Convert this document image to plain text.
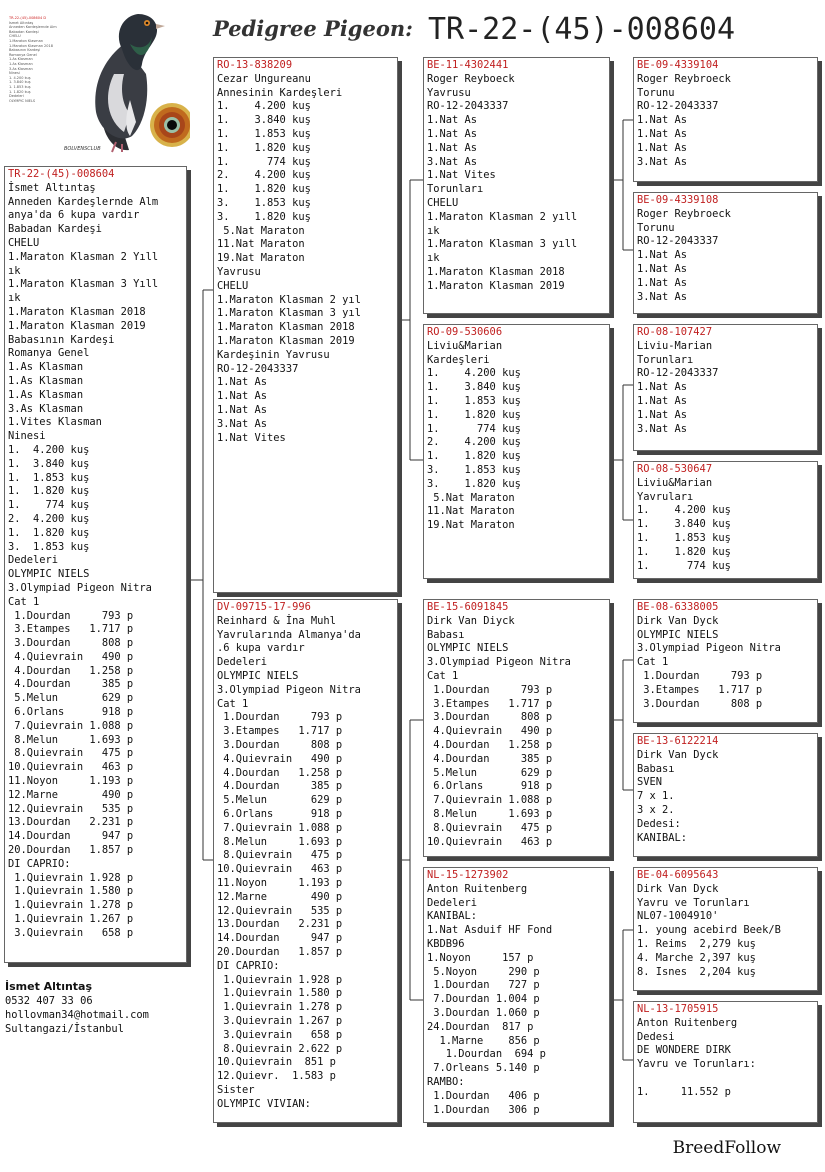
Pedigree Pigeon: TR-22-(45)-008604
TR-22-(45)-008604 D
İsmet Altıntaş
Anneden Kardeşlernde Alm
Babadan Kardeşi
CHELU
1.Maraton Klasman
1.Maraton Klasman 2018
Babasının Kardeşi
Romanya Genel
1.As Klasman
1.As Klasman
3.As Klasman
Ninesi
1. 4.200 kuş
1. 3.840 kuş
1. 1.853 kuş
1. 1.820 kuş
Dedeleri
OLYMPIC NIELS
BOLVENSCLUB
TR-22-(45)-008604
İsmet Altıntaş
Anneden Kardeşlernde Alm
anya'da 6 kupa vardır
Babadan Kardeşi
CHELU
1.Maraton Klasman 2 Yıll
ık
1.Maraton Klasman 3 Yıll
ık
1.Maraton Klasman 2018
1.Maraton Klasman 2019
Babasının Kardeşi
Romanya Genel
1.As Klasman
1.As Klasman
1.As Klasman
3.As Klasman
1.Vites Klasman
Ninesi
1.  4.200 kuş
1.  3.840 kuş
1.  1.853 kuş
1.  1.820 kuş
1.    774 kuş
2.  4.200 kuş
1.  1.820 kuş
3.  1.853 kuş
Dedeleri
OLYMPIC NIELS
3.Olympiad Pigeon Nitra
Cat 1
1.Dourdan     793 p
3.Etampes   1.717 p
3.Dourdan     808 p
4.Quievrain   490 p
4.Dourdan   1.258 p
4.Dourdan     385 p
5.Melun       629 p
6.Orlans      918 p
7.Quievrain 1.088 p
8.Melun     1.693 p
8.Quievrain   475 p
10.Quievrain   463 p
11.Noyon     1.193 p
12.Marne       490 p
12.Quievrain   535 p
13.Dourdan   2.231 p
14.Dourdan     947 p
20.Dourdan   1.857 p
DI CAPRIO:
1.Quievrain 1.928 p
1.Quievrain 1.580 p
1.Quievrain 1.278 p
1.Quievrain 1.267 p
3.Quievrain   658 p
RO-13-838209
Cezar Ungureanu
Annesinin Kardeşleri
1.    4.200 kuş
1.    3.840 kuş
1.    1.853 kuş
1.    1.820 kuş
1.      774 kuş
2.    4.200 kuş
1.    1.820 kuş
3.    1.853 kuş
3.    1.820 kuş
5.Nat Maraton
11.Nat Maraton
19.Nat Maraton
Yavrusu
CHELU
1.Maraton Klasman 2 yıl
1.Maraton Klasman 3 yıl
1.Maraton Klasman 2018
1.Maraton Klasman 2019
Kardeşinin Yavrusu
RO-12-2043337
1.Nat As
1.Nat As
1.Nat As
3.Nat As
1.Nat Vites
DV-09715-17-996
Reinhard & İna Muhl
Yavrularında Almanya'da
.6 kupa vardır
Dedeleri
OLYMPIC NIELS
3.Olympiad Pigeon Nitra
Cat 1
1.Dourdan     793 p
3.Etampes   1.717 p
3.Dourdan     808 p
4.Quievrain   490 p
4.Dourdan   1.258 p
4.Dourdan     385 p
5.Melun       629 p
6.Orlans      918 p
7.Quievrain 1.088 p
8.Melun     1.693 p
8.Quievrain   475 p
10.Quievrain   463 p
11.Noyon     1.193 p
12.Marne       490 p
12.Quievrain   535 p
13.Dourdan   2.231 p
14.Dourdan     947 p
20.Dourdan   1.857 p
DI CAPRIO:
1.Quievrain 1.928 p
1.Quievrain 1.580 p
1.Quievrain 1.278 p
3.Quievrain 1.267 p
3.Quievrain   658 p
8.Quievrain 2.622 p
10.Quievrain  851 p
12.Quievr.  1.583 p
Sister
OLYMPIC VIVIAN:
BE-11-4302441
Roger Reyboeck
Yavrusu
RO-12-2043337
1.Nat As
1.Nat As
1.Nat As
3.Nat As
1.Nat Vites
Torunları
CHELU
1.Maraton Klasman 2 yıll
ık
1.Maraton Klasman 3 yıll
ık
1.Maraton Klasman 2018
1.Maraton Klasman 2019
RO-09-530606
Liviu&Marian
Kardeşleri
1.    4.200 kuş
1.    3.840 kuş
1.    1.853 kuş
1.    1.820 kuş
1.      774 kuş
2.    4.200 kuş
1.    1.820 kuş
3.    1.853 kuş
3.    1.820 kuş
5.Nat Maraton
11.Nat Maraton
19.Nat Maraton
BE-15-6091845
Dirk Van Diyck
Babası
OLYMPIC NIELS
3.Olympiad Pigeon Nitra
Cat 1
1.Dourdan     793 p
3.Etampes   1.717 p
3.Dourdan     808 p
4.Quievrain   490 p
4.Dourdan   1.258 p
4.Dourdan     385 p
5.Melun       629 p
6.Orlans      918 p
7.Quievrain 1.088 p
8.Melun     1.693 p
8.Quievrain   475 p
10.Quievrain   463 p
NL-15-1273902
Anton Ruitenberg
Dedeleri
KANIBAL:
1.Nat Asduif HF Fond
KBDB96
1.Noyon     157 p
5.Noyon     290 p
1.Dourdan   727 p
7.Dourdan 1.004 p
3.Dourdan 1.060 p
24.Dourdan  817 p
1.Marne    856 p
1.Dourdan  694 p
7.Orleans 5.140 p
RAMBO:
1.Dourdan   406 p
1.Dourdan   306 p
BE-09-4339104
Roger Reybroeck
Torunu
RO-12-2043337
1.Nat As
1.Nat As
1.Nat As
3.Nat As
BE-09-4339108
Roger Reybroeck
Torunu
RO-12-2043337
1.Nat As
1.Nat As
1.Nat As
3.Nat As
RO-08-107427
Liviu-Marian
Torunları
RO-12-2043337
1.Nat As
1.Nat As
1.Nat As
3.Nat As
RO-08-530647
Liviu&Marian
Yavruları
1.    4.200 kuş
1.    3.840 kuş
1.    1.853 kuş
1.    1.820 kuş
1.      774 kuş
BE-08-6338005
Dirk Van Dyck
OLYMPIC NIELS
3.Olympiad Pigeon Nitra
Cat 1
1.Dourdan     793 p
3.Etampes   1.717 p
3.Dourdan     808 p
BE-13-6122214
Dirk Van Dyck
Babası
SVEN
7 x 1.
3 x 2.
Dedesi:
KANIBAL:
BE-04-6095643
Dirk Van Dyck
Yavru ve Torunları
NL07-1004910'
1. young acebird Beek/B
1. Reims  2,279 kuş
4. Marche 2,397 kuş
8. Isnes  2,204 kuş
NL-13-1705915
Anton Ruitenberg
Dedesi
DE WONDERE DIRK
Yavru ve Torunları:

1.     11.552 p
İsmet Altıntaş
0532 407 33 06
hollovman34@hotmail.com
Sultangazi/İstanbul
BreedFollow
